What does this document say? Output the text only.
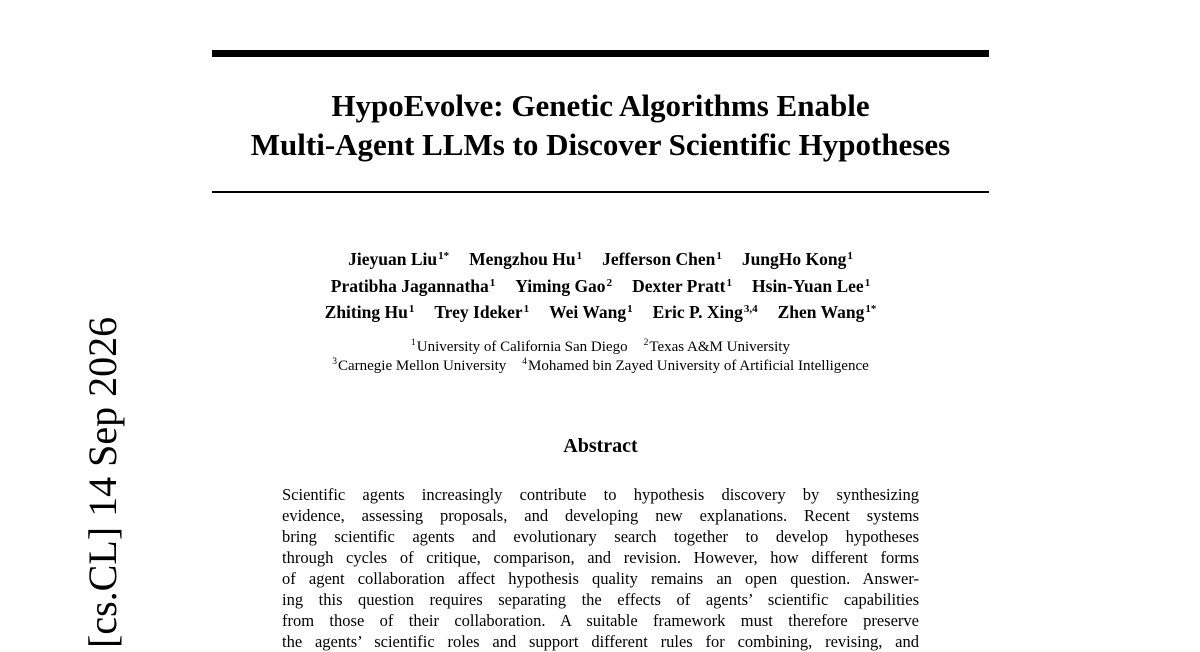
HypoEvolve: Genetic Algorithms Enable
Multi-Agent LLMs to Discover Scientific Hypotheses
Jieyuan Liu$^{1*}$ Mengzhou Hu$^1$ Jefferson Chen$^1$ JungHo Kong$^1$
Pratibha Jagannatha$^1$ Yiming Gao$^2$ Dexter Pratt$^1$ Hsin-Yuan Lee$^1$
Zhiting Hu$^1$ Trey Ideker$^1$ Wei Wang$^1$ Eric P. Xing$^{3,4}$ Zhen Wang$^{1*}$
$^1$University of California San Diego $^2$Texas A&M University
$^3$Carnegie Mellon University $^4$Mohamed bin Zayed University of Artificial Intelligence
Abstract
Scientific agents increasingly contribute to hypothesis discovery by synthesizing
evidence, assessing proposals, and developing new explanations. Recent systems
bring scientific agents and evolutionary search together to develop hypotheses
through cycles of critique, comparison, and revision. However, how different forms
of agent collaboration affect hypothesis quality remains an open question. Answer-
ing this question requires separating the effects of agents’ scientific capabilities
from those of their collaboration. A suitable framework must therefore preserve
the agents’ scientific roles and support different rules for combining, revising, and
[cs.CL] 14 Sep 2026
